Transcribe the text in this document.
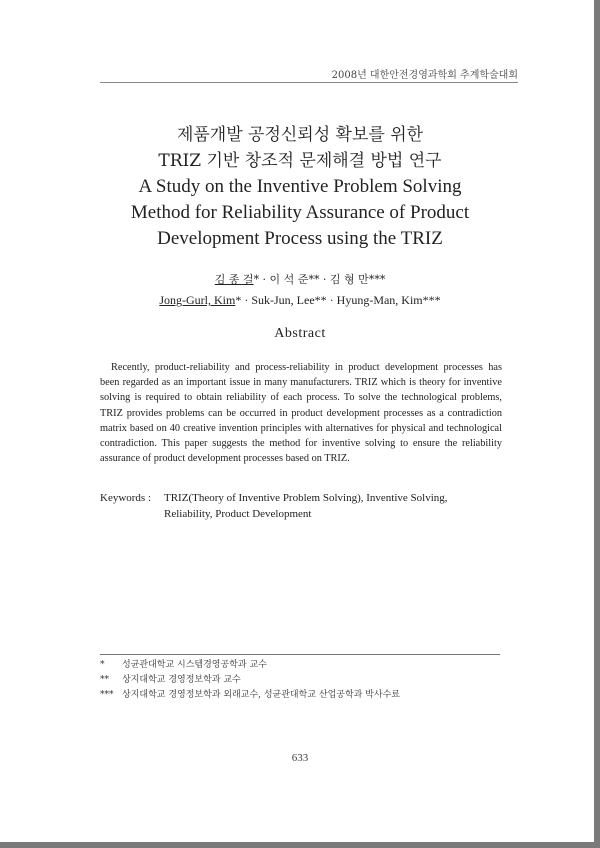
2008년 대한안전경영과학회 추계학술대회
제품개발 공정신뢰성 확보를 위한
TRIZ 기반 창조적 문제해결 방법 연구
A Study on the Inventive Problem Solving
Method for Reliability Assurance of Product
Development Process using the TRIZ
김 종 걸* · 이 석 준** · 김 형 만***
Jong-Gurl, Kim* · Suk-Jun, Lee** · Hyung-Man, Kim***
Abstract

Recently, product-reliability and process-reliability in product development processes has been regarded as an important issue in many manufacturers. TRIZ which is theory for inventive solving is required to obtain reliability of each process. To solve the technological problems, TRIZ provides problems can be occurred in product development processes as a contradiction matrix based on 40 creative invention principles with alternatives for physical and technological contradiction. This paper suggests the method for inventive solving to ensure the reliability assurance of product development processes based on TRIZ.

Keywords : TRIZ(Theory of Inventive Problem Solving), Inventive Solving,
Reliability, Product Development
* 성균관대학교 시스템경영공학과 교수
** 상지대학교 경영정보학과 교수
*** 상지대학교 경영정보학과 외래교수, 성균관대학교 산업공학과 박사수료
633
